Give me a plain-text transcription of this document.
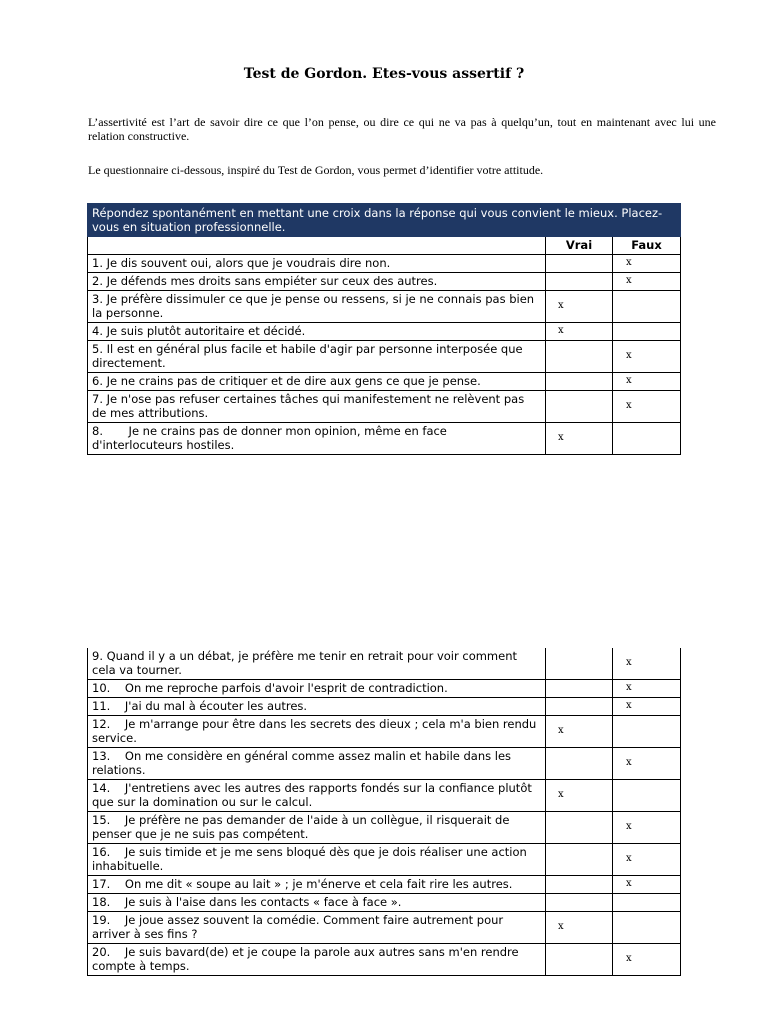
Test de Gordon. Etes-vous assertif ?
L’assertivité est l’art de savoir dire ce que l’on pense, ou dire ce qui ne va pas à quelqu’un, tout en maintenant avec lui une relation constructive.
Le questionnaire ci-dessous, inspiré du Test de Gordon, vous permet d’identifier votre attitude.
Répondez spontanément en mettant une croix dans la réponse qui vous convient le mieux. Placez-vous en situation professionnelle.		
	Vrai	Faux
1. Je dis souvent oui, alors que je voudrais dire non.		x
2. Je défends mes droits sans empiéter sur ceux des autres.		x
3. Je préfère dissimuler ce que je pense ou ressens, si je ne connais pas bien la personne.	x	
4. Je suis plutôt autoritaire et décidé.	x	
5. Il est en général plus facile et habile d'agir par personne interposée que directement.		x
6. Je ne crains pas de critiquer et de dire aux gens ce que je pense.		x
7. Je n'ose pas refuser certaines tâches qui manifestement ne relèvent pas de mes attributions.		x
8.       Je ne crains pas de donner mon opinion, même en face d'interlocuteurs hostiles.	x	
9. Quand il y a un débat, je préfère me tenir en retrait pour voir comment cela va tourner.		x
10.    On me reproche parfois d'avoir l'esprit de contradiction.		x
11.    J'ai du mal à écouter les autres.		x
12.    Je m'arrange pour être dans les secrets des dieux ; cela m'a bien rendu service.	x	
13.    On me considère en général comme assez malin et habile dans les relations.		x
14.    J'entretiens avec les autres des rapports fondés sur la confiance plutôt que sur la domination ou sur le calcul.	x	
15.    Je préfère ne pas demander de l'aide à un collègue, il risquerait de penser que je ne suis pas compétent.		x
16.    Je suis timide et je me sens bloqué dès que je dois réaliser une action inhabituelle.		x
17.    On me dit « soupe au lait » ; je m'énerve et cela fait rire les autres.		x
18.    Je suis à l'aise dans les contacts « face à face ».		
19.    Je joue assez souvent la comédie. Comment faire autrement pour arriver à ses fins ?	x	
20.    Je suis bavard(de) et je coupe la parole aux autres sans m'en rendre compte à temps.		x
